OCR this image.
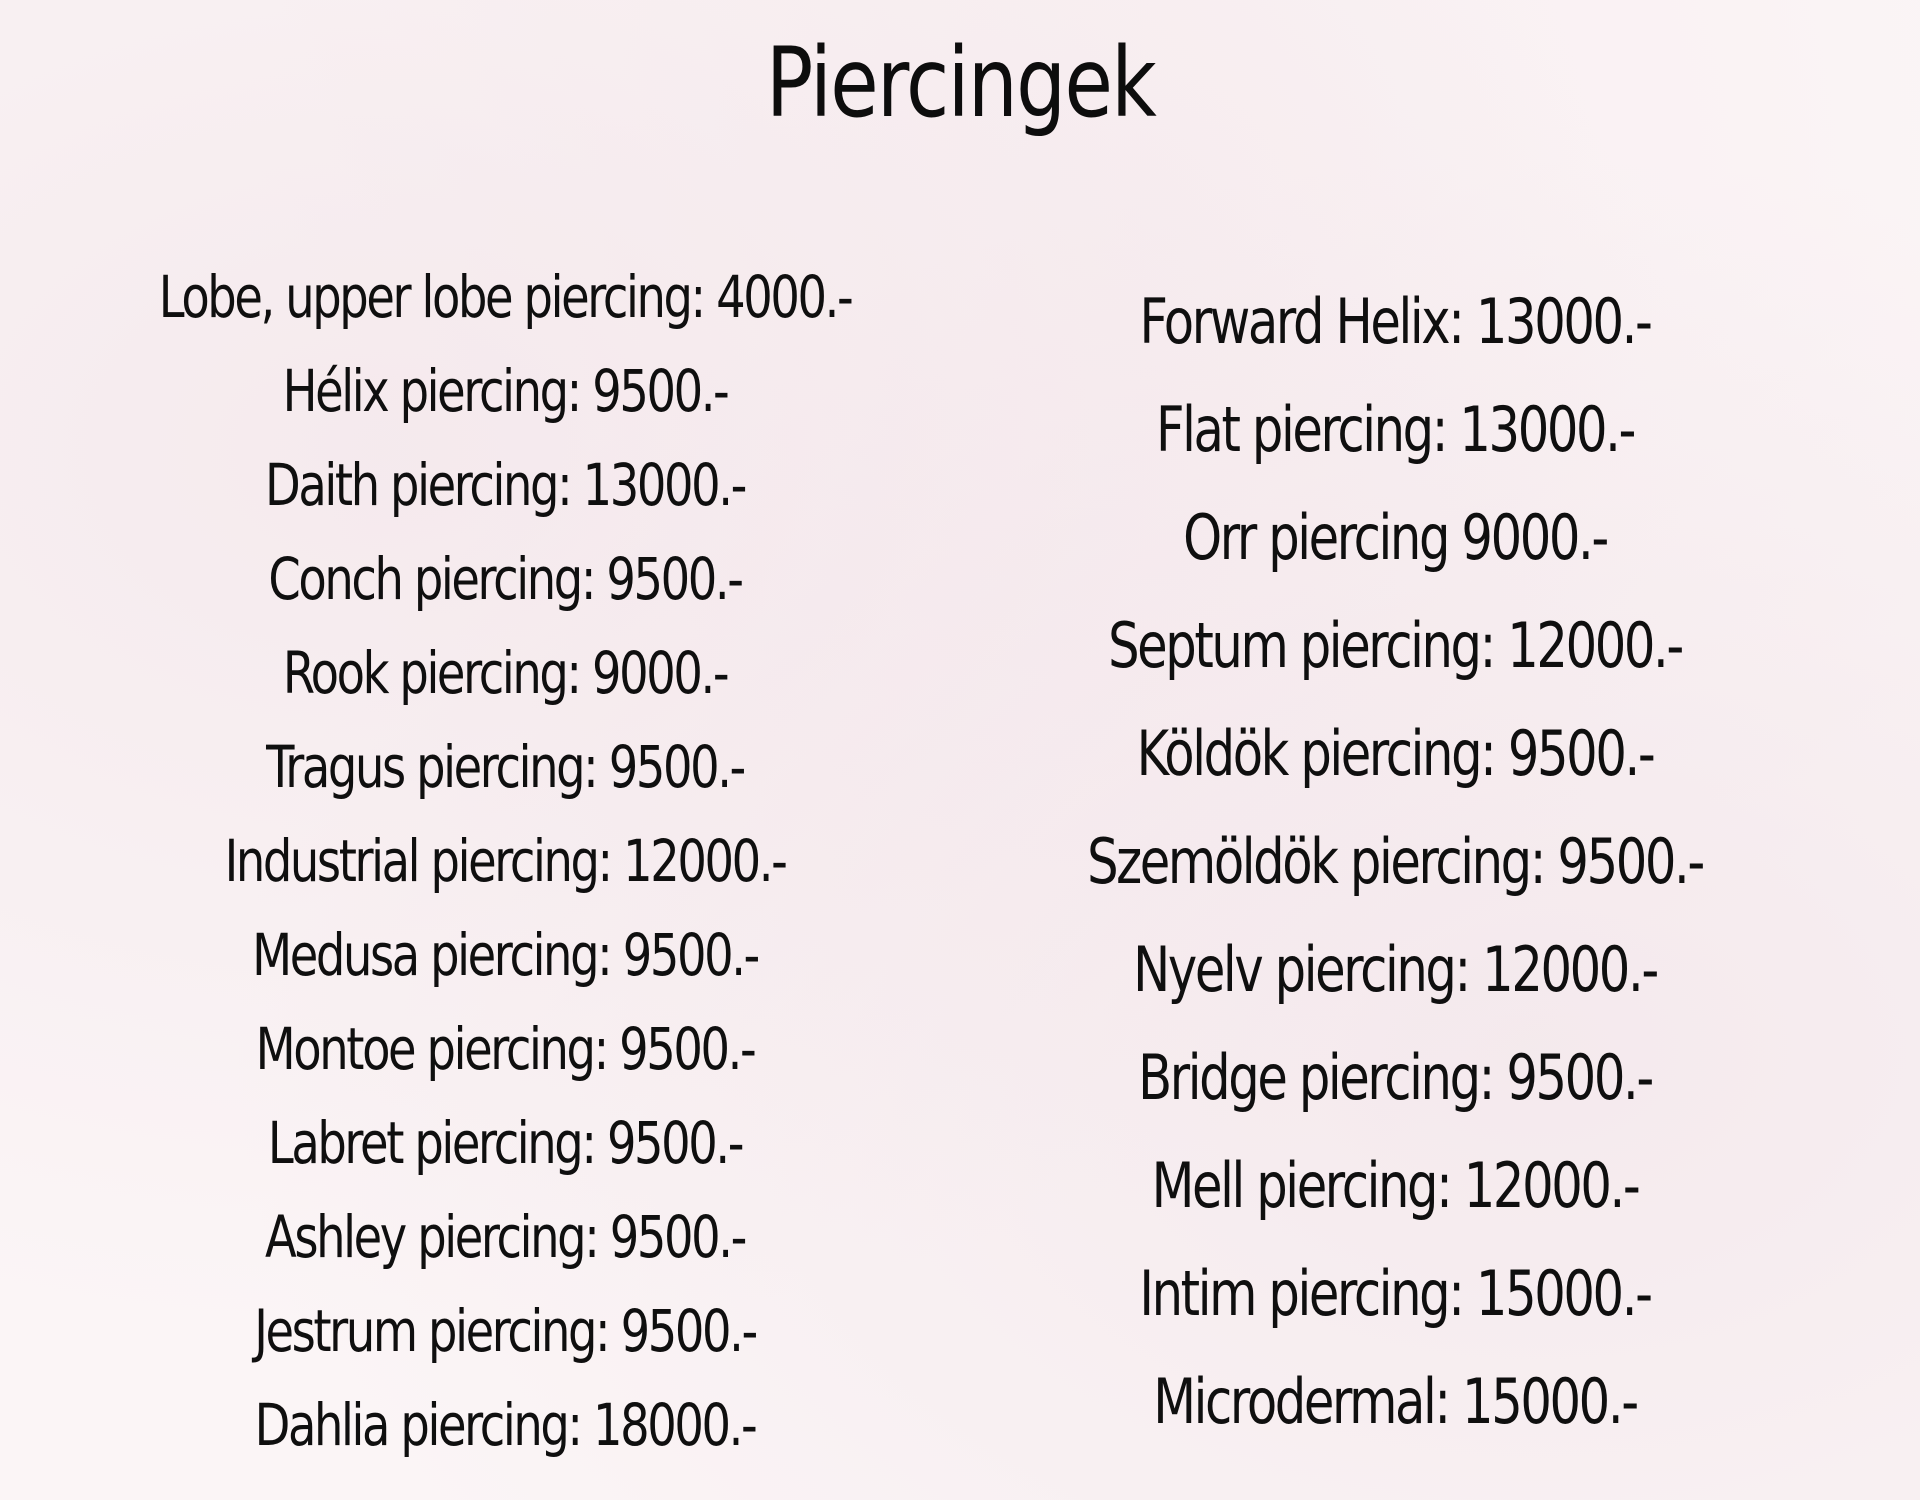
Piercingek
Lobe, upper lobe piercing: 4000.-
Hélix piercing: 9500.-
Daith piercing: 13000.-
Conch piercing: 9500.-
Rook piercing: 9000.-
Tragus piercing: 9500.-
Industrial piercing: 12000.-
Medusa piercing: 9500.-
Montoe piercing: 9500.-
Labret piercing: 9500.-
Ashley piercing: 9500.-
Jestrum piercing: 9500.-
Dahlia piercing: 18000.-
Forward Helix: 13000.-
Flat piercing: 13000.-
Orr piercing 9000.-
Septum piercing: 12000.-
Köldök piercing: 9500.-
Szemöldök piercing: 9500.-
Nyelv piercing: 12000.-
Bridge piercing: 9500.-
Mell piercing: 12000.-
Intim piercing: 15000.-
Microdermal: 15000.-
